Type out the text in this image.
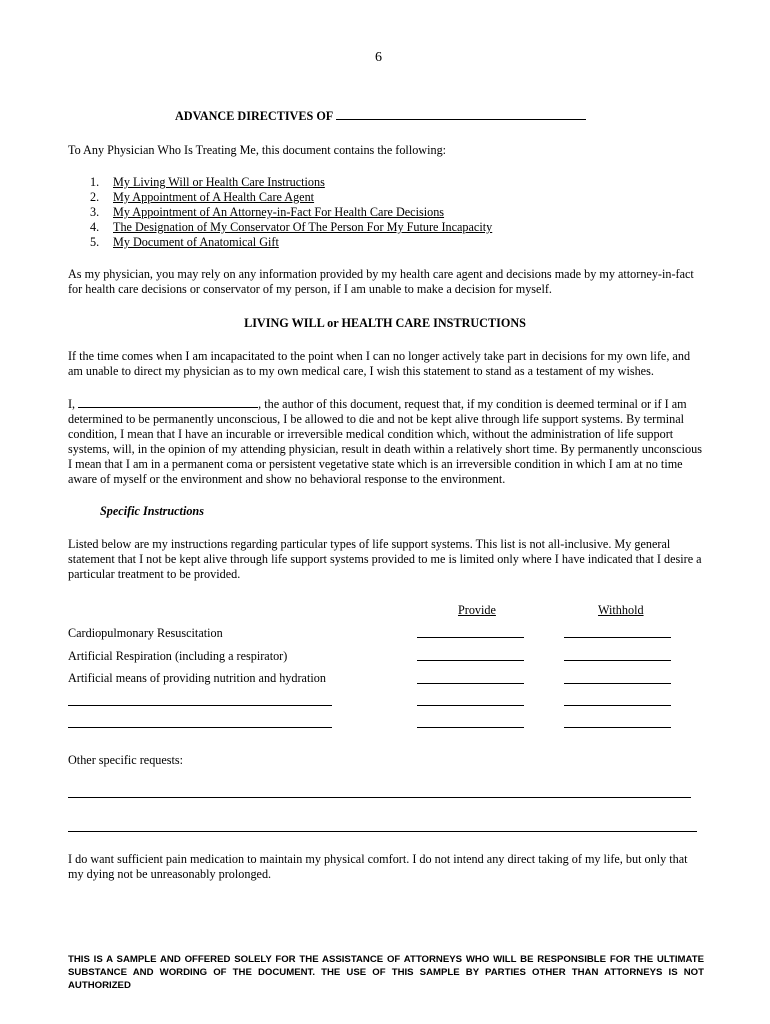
6
ADVANCE DIRECTIVES OF
To Any Physician Who Is Treating Me, this document contains the following:
1.	My Living Will or Health Care Instructions
2.	My Appointment of A Health Care Agent
3.	My Appointment of An Attorney-in-Fact For Health Care Decisions
4.	The Designation of My Conservator Of The Person For My Future Incapacity
5.	My Document of Anatomical Gift
As my physician, you may rely on any information provided by my health care agent and decisions made by my attorney-in-fact for health care decisions or conservator of my person, if I am unable to make a decision for myself.
LIVING WILL or HEALTH CARE INSTRUCTIONS
If the time comes when I am incapacitated to the point when I can no longer actively take part in decisions for my own life, and am unable to direct my physician as to my own medical care, I wish this statement to stand as a testament of my wishes.
I,	, the author of this document, request that, if my condition is deemed terminal or if I am determined to be permanently unconscious, I be allowed to die and not be kept alive through life support systems. By terminal condition, I mean that I have an incurable or irreversible medical condition which, without the administration of life support systems, will, in the opinion of my attending physician, result in death within a relatively short time. By permanently unconscious I mean that I am in a permanent coma or persistent vegetative state which is an irreversible condition in which I am at no time aware of myself or the environment and show no behavioral response to the environment.
Specific Instructions
Listed below are my instructions regarding particular types of life support systems. This list is not all-inclusive. My general statement that I not be kept alive through life support systems provided to me is limited only where I have indicated that I desire a particular treatment to be provided.
Provide	Withhold
Cardiopulmonary Resuscitation
Artificial Respiration (including a respirator)
Artificial means of providing nutrition and hydration
Other specific requests:
I do want sufficient pain medication to maintain my physical comfort. I do not intend any direct taking of my life, but only that my dying not be unreasonably prolonged.
THIS IS A SAMPLE AND OFFERED SOLELY FOR THE ASSISTANCE OF ATTORNEYS WHO WILL BE RESPONSIBLE FOR THE ULTIMATE SUBSTANCE AND WORDING OF THE DOCUMENT. THE USE OF THIS SAMPLE BY PARTIES OTHER THAN ATTORNEYS IS NOT AUTHORIZED
